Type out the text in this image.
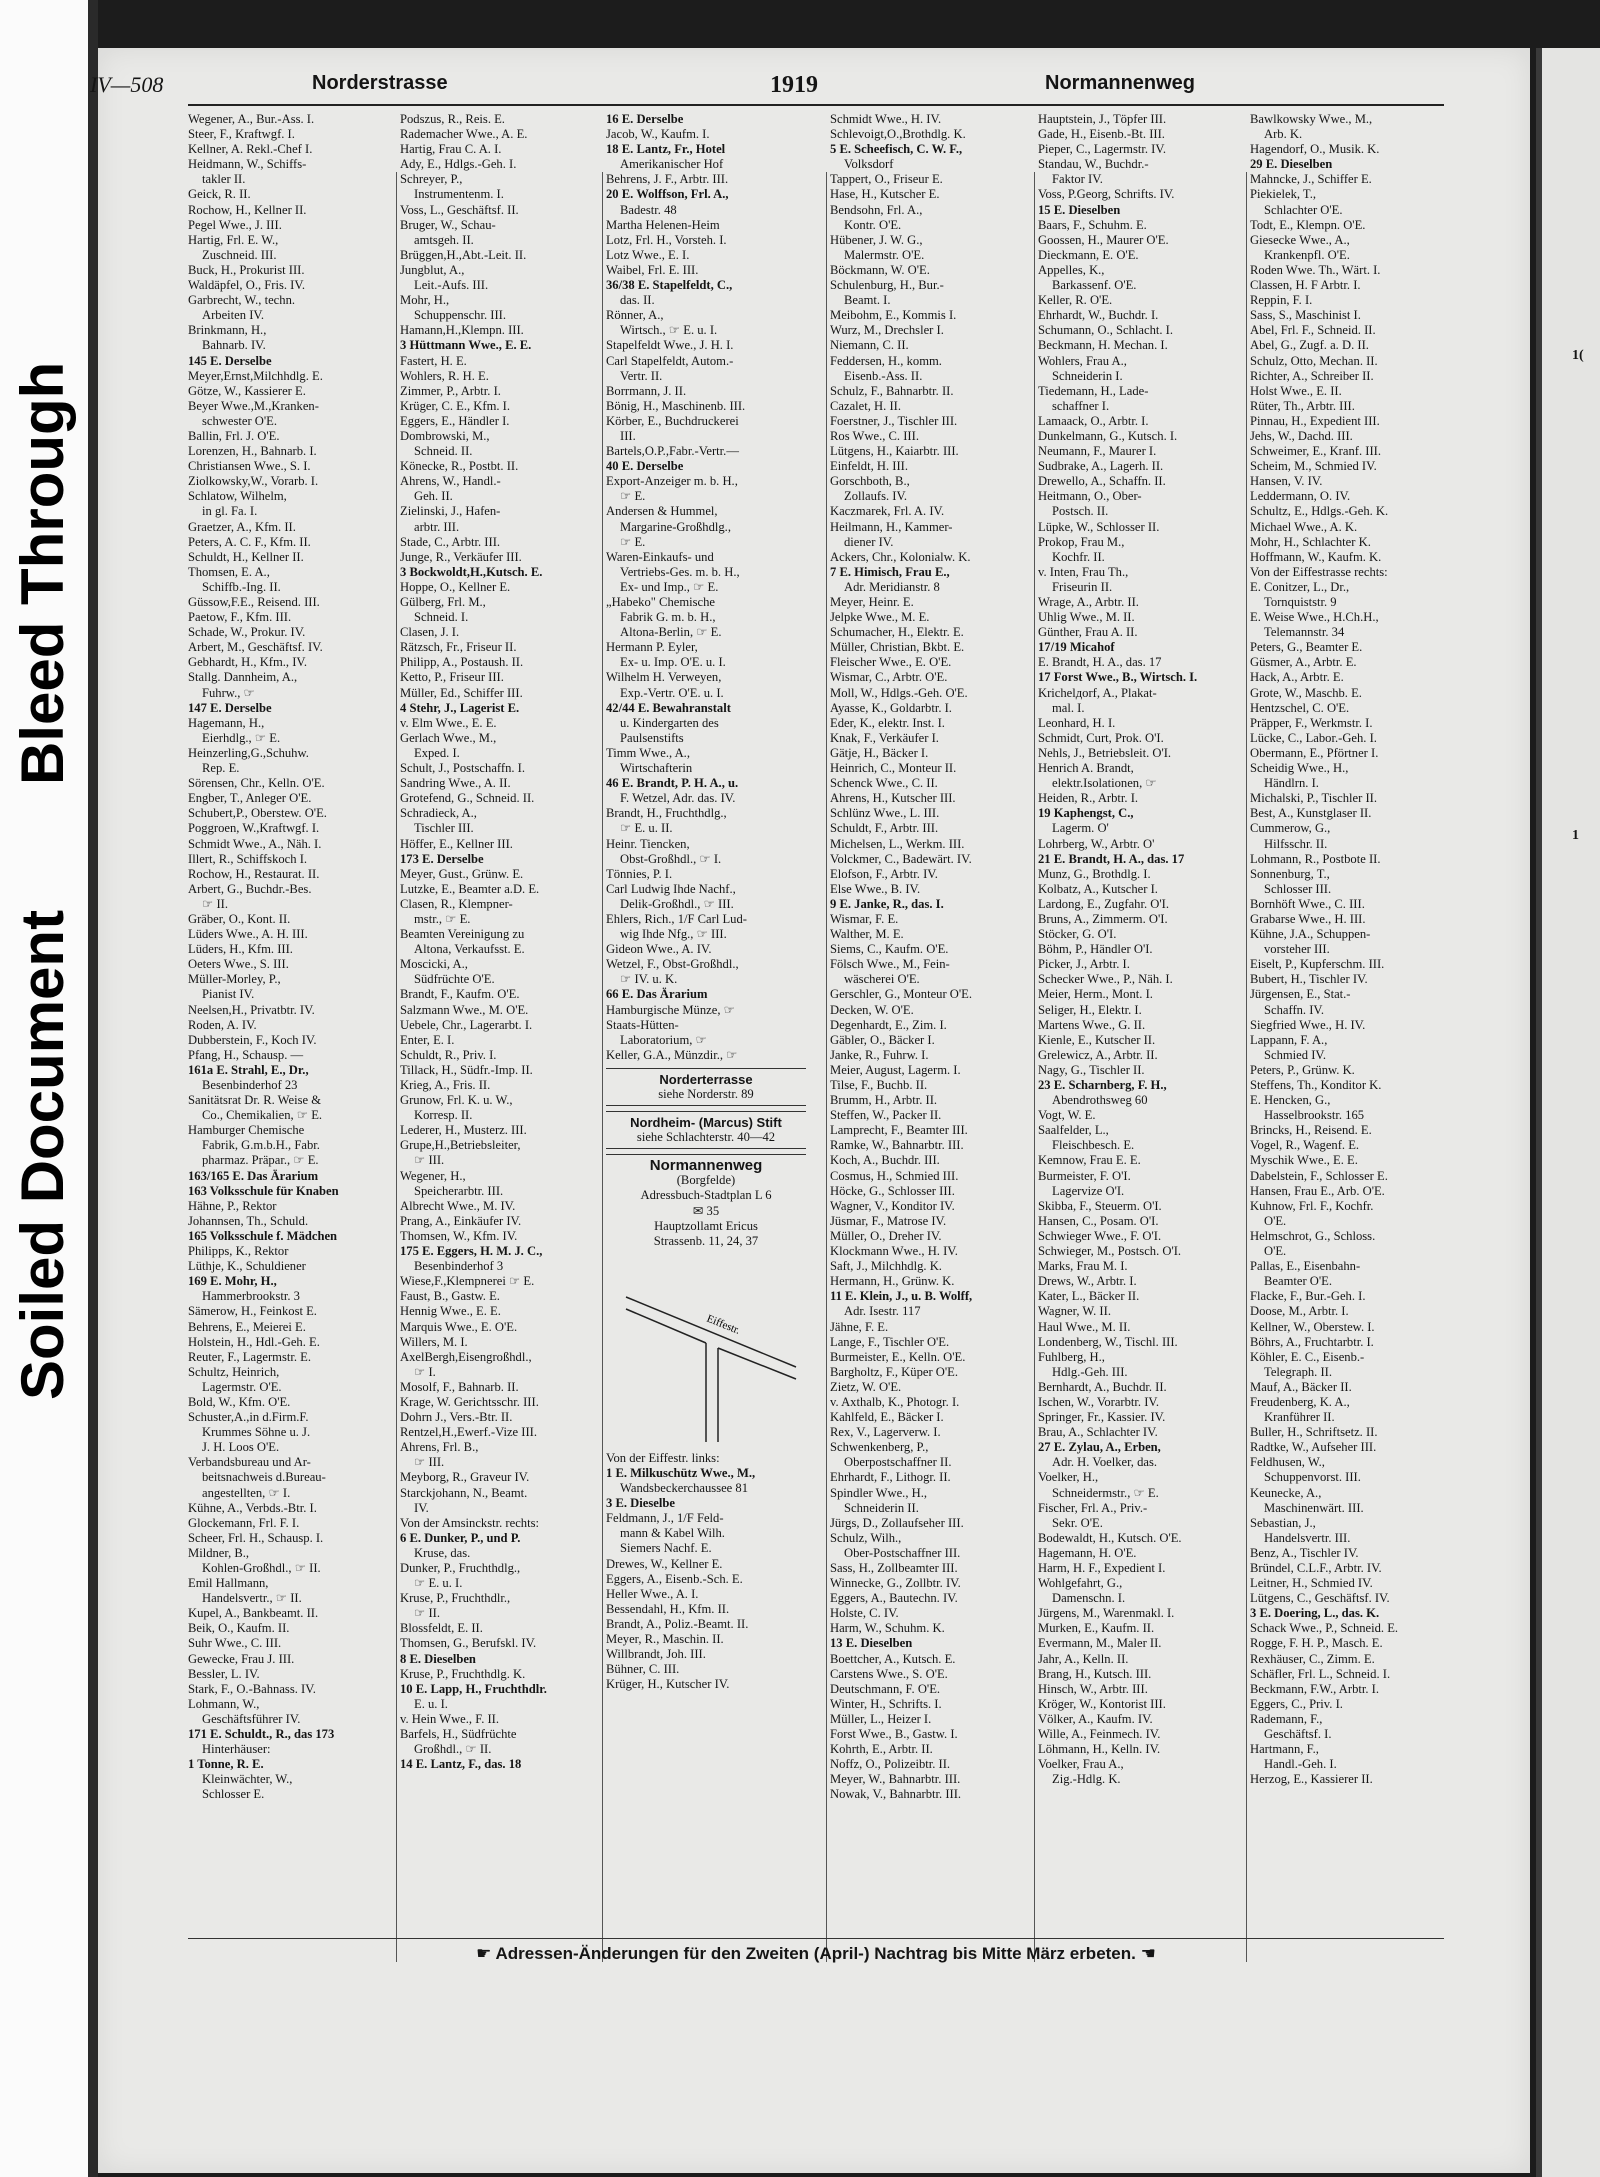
Bleed Through
Soiled Document
1(
1
IV—508	Norderstrasse	1919	Normannenweg
Wegener, A., Bur.-Ass. I.
Steer, F., Kraftwgf. I.
Kellner, A. Rekl.-Chef I.
Heidmann, W., Schiffs-
takler II.
Geick, R. II.
Rochow, H., Kellner II.
Pegel Wwe., J. III.
Hartig, Frl. E. W.,
Zuschneid. III.
Buck, H., Prokurist III.
Waldäpfel, O., Fris. IV.
Garbrecht, W., techn.
Arbeiten IV.
Brinkmann, H.,
Bahnarb. IV.
145 E. Derselbe
Meyer,Ernst,Milchhdlg. E.
Götze, W., Kassierer E.
Beyer Wwe.,M.,Kranken-
schwester O'E.
Ballin, Frl. J. O'E.
Lorenzen, H., Bahnarb. I.
Christiansen Wwe., S. I.
Ziolkowsky,W., Vorarb. I.
Schlatow, Wilhelm,
in gl. Fa. I.
Graetzer, A., Kfm. II.
Peters, A. C. F., Kfm. II.
Schuldt, H., Kellner II.
Thomsen, E. A.,
Schiffb.-Ing. II.
Güssow,F.E., Reisend. III.
Paetow, F., Kfm. III.
Schade, W., Prokur. IV.
Arbert, M., Geschäftsf. IV.
Gebhardt, H., Kfm., IV.
Stallg. Dannheim, A.,
Fuhrw., ☞
147 E. Derselbe
Hagemann, H.,
Eierhdlg., ☞ E.
Heinzerling,G.,Schuhw.
Rep. E.
Sörensen, Chr., Kelln. O'E.
Engber, T., Anleger O'E.
Schubert,P., Oberstew. O'E.
Poggroen, W.,Kraftwgf. I.
Schmidt Wwe., A., Näh. I.
Illert, R., Schiffskoch I.
Rochow, H., Restaurat. II.
Arbert, G., Buchdr.-Bes.
☞ II.
Gräber, O., Kont. II.
Lüders Wwe., A. H. III.
Lüders, H., Kfm. III.
Oeters Wwe., S. III.
Müller-Morley, P.,
Pianist IV.
Neelsen,H., Privatbtr. IV.
Roden, A. IV.
Dubberstein, F., Koch IV.
Pfang, H., Schausp. —
161a E. Strahl, E., Dr.,
Besenbinderhof 23
Sanitätsrat Dr. R. Weise &
Co., Chemikalien, ☞ E.
Hamburger Chemische
Fabrik, G.m.b.H., Fabr.
pharmaz. Präpar., ☞ E.
163/165 E. Das Ärarium
163 Volksschule für Knaben
Hähne, P., Rektor
Johannsen, Th., Schuld.
165 Volksschule f. Mädchen
Philipps, K., Rektor
Lüthje, K., Schuldiener
169 E. Mohr, H.,
Hammerbrookstr. 3
Sämerow, H., Feinkost E.
Behrens, E., Meierei E.
Holstein, H., Hdl.-Geh. E.
Reuter, F., Lagermstr. E.
Schultz, Heinrich,
Lagermstr. O'E.
Bold, W., Kfm. O'E.
Schuster,A.,in d.Firm.F.
Krummes Söhne u. J.
J. H. Loos O'E.
Verbandsbureau und Ar-
beitsnachweis d.Bureau-
angestellten, ☞ I.
Kühne, A., Verbds.-Btr. I.
Glockemann, Frl. F. I.
Scheer, Frl. H., Schausp. I.
Mildner, B.,
Kohlen-Großhdl., ☞ II.
Emil Hallmann,
Handelsvertr., ☞ II.
Kupel, A., Bankbeamt. II.
Beik, O., Kaufm. II.
Suhr Wwe., C. III.
Gewecke, Frau J. III.
Bessler, L. IV.
Stark, F., O.-Bahnass. IV.
Lohmann, W.,
Geschäftsführer IV.
171 E. Schuldt., R., das 173
Hinterhäuser:
1 Tonne, R. E.
Kleinwächter, W.,
Schlosser E.
Podszus, R., Reis. E.
Rademacher Wwe., A. E.
Hartig, Frau C. A. I.
Ady, E., Hdlgs.-Geh. I.
Schreyer, P.,
Instrumentenm. I.
Voss, L., Geschäftsf. II.
Bruger, W., Schau-
amtsgeh. II.
Brüggen,H.,Abt.-Leit. II.
Jungblut, A.,
Leit.-Aufs. III.
Mohr, H.,
Schuppenschr. III.
Hamann,H.,Klempn. III.
3 Hüttmann Wwe., E. E.
Fastert, H. E.
Wohlers, R. H. E.
Zimmer, P., Arbtr. I.
Krüger, C. E., Kfm. I.
Eggers, E., Händler I.
Dombrowski, M.,
Schneid. II.
Könecke, R., Postbt. II.
Ahrens, W., Handl.-
Geh. II.
Zielinski, J., Hafen-
arbtr. III.
Stade, C., Arbtr. III.
Junge, R., Verkäufer III.
3 Bockwoldt,H.,Kutsch. E.
Hoppe, O., Kellner E.
Gülberg, Frl. M.,
Schneid. I.
Clasen, J. I.
Rätzsch, Fr., Friseur II.
Philipp, A., Postaush. II.
Ketto, P., Friseur III.
Müller, Ed., Schiffer III.
4 Stehr, J., Lagerist E.
v. Elm Wwe., E. E.
Gerlach Wwe., M.,
Exped. I.
Schult, J., Postschaffn. I.
Sandring Wwe., A. II.
Grotefend, G., Schneid. II.
Schradieck, A.,
Tischler III.
Höffer, E., Kellner III.
173 E. Derselbe
Meyer, Gust., Grünw. E.
Lutzke, E., Beamter a.D. E.
Clasen, R., Klempner-
mstr., ☞ E.
Beamten Vereinigung zu
Altona, Verkaufsst. E.
Moscicki, A.,
Südfrüchte O'E.
Brandt, F., Kaufm. O'E.
Salzmann Wwe., M. O'E.
Uebele, Chr., Lagerarbt. I.
Enter, E. I.
Schuldt, R., Priv. I.
Tillack, H., Südfr.-Imp. II.
Krieg, A., Fris. II.
Grunow, Frl. K. u. W.,
Korresp. II.
Lederer, H., Musterz. III.
Grupe,H.,Betriebsleiter,
☞ III.
Wegener, H.,
Speicherarbtr. III.
Albrecht Wwe., M. IV.
Prang, A., Einkäufer IV.
Thomsen, W., Kfm. IV.
175 E. Eggers, H. M. J. C.,
Besenbinderhof 3
Wiese,F.,Klempnerei ☞ E.
Faust, B., Gastw. E.
Hennig Wwe., E. E.
Marquis Wwe., E. O'E.
Willers, M. I.
AxelBergh,Eisengroßhdl.,
☞ I.
Mosolf, F., Bahnarb. II.
Krage, W. Gerichtsschr. III.
Dohrn J., Vers.-Btr. II.
Rentzel,H.,Ewerf.-Vize III.
Ahrens, Frl. B.,
☞ III.
Meyborg, R., Graveur IV.
Starckjohann, N., Beamt.
IV.
Von der Amsinckstr. rechts:
6 E. Dunker, P., und P.
Kruse, das.
Dunker, P., Fruchthdlg.,
☞ E. u. I.
Kruse, P., Fruchthdlr.,
☞ II.
Blossfeldt, E. II.
Thomsen, G., Berufskl. IV.
8 E. Dieselben
Kruse, P., Fruchthdlg. K.
10 E. Lapp, H., Fruchthdlr.
E. u. I.
v. Hein Wwe., F. II.
Barfels, H., Südfrüchte
Großhdl., ☞ II.
14 E. Lantz, F., das. 18
16 E. Derselbe
Jacob, W., Kaufm. I.
18 E. Lantz, Fr., Hotel
Amerikanischer Hof
Behrens, J. F., Arbtr. III.
20 E. Wolffson, Frl. A.,
Badestr. 48
Martha Helenen-Heim
Lotz, Frl. H., Vorsteh. I.
Lotz Wwe., E. I.
Waibel, Frl. E. III.
36/38 E. Stapelfeldt, C.,
das. II.
Rönner, A.,
Wirtsch., ☞ E. u. I.
Stapelfeldt Wwe., J. H. I.
Carl Stapelfeldt, Autom.-
Vertr. II.
Borrmann, J. II.
Bönig, H., Maschinenb. III.
Körber, E., Buchdruckerei
III.
Bartels,O.P.,Fabr.-Vertr.—
40 E. Derselbe
Export-Anzeiger m. b. H.,
☞ E.
Andersen & Hummel,
Margarine-Großhdlg.,
☞ E.
Waren-Einkaufs- und
Vertriebs-Ges. m. b. H.,
Ex- und Imp., ☞ E.
„Habeko" Chemische
Fabrik G. m. b. H.,
Altona-Berlin, ☞ E.
Hermann P. Eyler,
Ex- u. Imp. O'E. u. I.
Wilhelm H. Verweyen,
Exp.-Vertr. O'E. u. I.
42/44 E. Bewahranstalt
u. Kindergarten des
Paulsenstifts
Timm Wwe., A.,
Wirtschafterin
46 E. Brandt, P. H. A., u.
F. Wetzel, Adr. das. IV.
Brandt, H., Fruchthdlg.,
☞ E. u. II.
Heinr. Tiencken,
Obst-Großhdl., ☞ I.
Tönnies, P. I.
Carl Ludwig Ihde Nachf.,
Delik-Großhdl., ☞ III.
Ehlers, Rich., 1/F Carl Lud-
wig Ihde Nfg., ☞ III.
Gideon Wwe., A. IV.
Wetzel, F., Obst-Großhdl.,
☞ IV. u. K.
66 E. Das Ärarium
Hamburgische Münze, ☞
Staats-Hütten-
Laboratorium, ☞
Keller, G.A., Münzdir., ☞
Norderterrasse
siehe Norderstr. 89
Nordheim- (Marcus) Stift
siehe Schlachterstr. 40—42
Normannenweg
(Borgfelde)
Adressbuch-Stadtplan L 6
✉ 35
Hauptzollamt Ericus
Strassenb. 11, 24, 37
Eiffestr.
Von der Eiffestr. links:
1 E. Milkuschütz Wwe., M.,
Wandsbeckerchaussee 81
3 E. Dieselbe
Feldmann, J., 1/F Feld-
mann & Kabel Wilh.
Siemers Nachf. E.
Drewes, W., Kellner E.
Eggers, A., Eisenb.-Sch. E.
Heller Wwe., A. I.
Bessendahl, H., Kfm. II.
Brandt, A., Poliz.-Beamt. II.
Meyer, R., Maschin. II.
Willbrandt, Joh. III.
Bühner, C. III.
Krüger, H., Kutscher IV.
Schmidt Wwe., H. IV.
Schlevoigt,O.,Brothdlg. K.
5 E. Scheefisch, C. W. F.,
Volksdorf
Tappert, O., Friseur E.
Hase, H., Kutscher E.
Bendsohn, Frl. A.,
Kontr. O'E.
Hübener, J. W. G.,
Malermstr. O'E.
Böckmann, W. O'E.
Schulenburg, H., Bur.-
Beamt. I.
Meibohm, E., Kommis I.
Wurz, M., Drechsler I.
Niemann, C. II.
Feddersen, H., komm.
Eisenb.-Ass. II.
Schulz, F., Bahnarbtr. II.
Cazalet, H. II.
Foerstner, J., Tischler III.
Ros Wwe., C. III.
Lütgens, H., Kaiarbtr. III.
Einfeldt, H. III.
Gorschboth, B.,
Zollaufs. IV.
Kaczmarek, Frl. A. IV.
Heilmann, H., Kammer-
diener IV.
Ackers, Chr., Kolonialw. K.
7 E. Himisch, Frau E.,
Adr. Meridianstr. 8
Meyer, Heinr. E.
Jelpke Wwe., M. E.
Schumacher, H., Elektr. E.
Müller, Christian, Bkbt. E.
Fleischer Wwe., E. O'E.
Wismar, C., Arbtr. O'E.
Moll, W., Hdlgs.-Geh. O'E.
Ayasse, K., Goldarbtr. I.
Eder, K., elektr. Inst. I.
Knak, F., Verkäufer I.
Gätje, H., Bäcker I.
Heinrich, C., Monteur II.
Schenck Wwe., C. II.
Ahrens, H., Kutscher III.
Schlünz Wwe., L. III.
Schuldt, F., Arbtr. III.
Michelsen, L., Werkm. III.
Volckmer, C., Badewärt. IV.
Elofson, F., Arbtr. IV.
Else Wwe., B. IV.
9 E. Janke, R., das. I.
Wismar, F. E.
Walther, M. E.
Siems, C., Kaufm. O'E.
Fölsch Wwe., M., Fein-
wäscherei O'E.
Gerschler, G., Monteur O'E.
Decken, W. O'E.
Degenhardt, E., Zim. I.
Gäbler, O., Bäcker I.
Janke, R., Fuhrw. I.
Meier, August, Lagerm. I.
Tilse, F., Buchb. II.
Brumm, H., Arbtr. II.
Steffen, W., Packer II.
Lamprecht, F., Beamter III.
Ramke, W., Bahnarbtr. III.
Koch, A., Buchdr. III.
Cosmus, H., Schmied III.
Höcke, G., Schlosser III.
Wagner, V., Konditor IV.
Jüsmar, F., Matrose IV.
Müller, O., Dreher IV.
Klockmann Wwe., H. IV.
Saft, J., Milchhdlg. K.
Hermann, H., Grünw. K.
11 E. Klein, J., u. B. Wolff,
Adr. Isestr. 117
Jähne, F. E.
Lange, F., Tischler O'E.
Burmeister, E., Kelln. O'E.
Bargholtz, F., Küper O'E.
Zietz, W. O'E.
v. Axthalb, K., Photogr. I.
Kahlfeld, E., Bäcker I.
Rex, V., Lagerverw. I.
Schwenkenberg, P.,
Oberpostschaffner II.
Ehrhardt, F., Lithogr. II.
Spindler Wwe., H.,
Schneiderin II.
Jürgs, D., Zollaufseher III.
Schulz, Wilh.,
Ober-Postschaffner III.
Sass, H., Zollbeamter III.
Winnecke, G., Zollbtr. IV.
Eggers, A., Bautechn. IV.
Holste, C. IV.
Harm, W., Schuhm. K.
13 E. Dieselben
Boettcher, A., Kutsch. E.
Carstens Wwe., S. O'E.
Deutschmann, F. O'E.
Winter, H., Schrifts. I.
Müller, L., Heizer I.
Forst Wwe., B., Gastw. I.
Kohrth, E., Arbtr. II.
Noffz, O., Polizeibtr. II.
Meyer, W., Bahnarbtr. III.
Nowak, V., Bahnarbtr. III.
Hauptstein, J., Töpfer III.
Gade, H., Eisenb.-Bt. III.
Pieper, C., Lagermstr. IV.
Standau, W., Buchdr.-
Faktor IV.
Voss, P.Georg, Schrifts. IV.
15 E. Dieselben
Baars, F., Schuhm. E.
Goossen, H., Maurer O'E.
Dieckmann, E. O'E.
Appelles, K.,
Barkassenf. O'E.
Keller, R. O'E.
Ehrhardt, W., Buchdr. I.
Schumann, O., Schlacht. I.
Beckmann, H. Mechan. I.
Wohlers, Frau A.,
Schneiderin I.
Tiedemann, H., Lade-
schaffner I.
Lamaack, O., Arbtr. I.
Dunkelmann, G., Kutsch. I.
Neumann, F., Maurer I.
Sudbrake, A., Lagerh. II.
Drewello, A., Schaffn. II.
Heitmann, O., Ober-
Postsch. II.
Lüpke, W., Schlosser II.
Prokop, Frau M.,
Kochfr. II.
v. Inten, Frau Th.,
Friseurin II.
Wrage, A., Arbtr. II.
Uhlig Wwe., M. II.
Günther, Frau A. II.
17/19 Micahof
E. Brandt, H. A., das. 17
17 Forst Wwe., B., Wirtsch. I.
Krichelдorf, A., Plakat-
mal. I.
Leonhard, H. I.
Schmidt, Curt, Prok. O'I.
Nehls, J., Betriebsleit. O'I.
Henrich A. Brandt,
elektr.Isolationen, ☞
Heiden, R., Arbtr. I.
19 Kaphengst, C.,
Lagerm. O'
Lohrberg, W., Arbtr. O'
21 E. Brandt, H. A., das. 17
Munz, G., Brothdlg. I.
Kolbatz, A., Kutscher I.
Lardong, E., Zugfahr. O'I.
Bruns, A., Zimmerm. O'I.
Stöcker, G. O'I.
Böhm, P., Händler O'I.
Picker, J., Arbtr. I.
Schecker Wwe., P., Näh. I.
Meier, Herm., Mont. I.
Seliger, H., Elektr. I.
Martens Wwe., G. II.
Kienle, E., Kutscher II.
Grelewicz, A., Arbtr. II.
Nagy, G., Tischler II.
23 E. Scharnberg, F. H.,
Abendrothsweg 60
Vogt, W. E.
Saalfelder, L.,
Fleischbesch. E.
Kemnow, Frau E. E.
Burmeister, F. O'I.
Lagervize O'I.
Skibba, F., Steuerm. O'I.
Hansen, C., Posam. O'I.
Schwieger Wwe., F. O'I.
Schwieger, M., Postsch. O'I.
Marks, Frau M. I.
Drews, W., Arbtr. I.
Kater, L., Bäcker II.
Wagner, W. II.
Haul Wwe., M. II.
Londenberg, W., Tischl. III.
Fuhlberg, H.,
Hdlg.-Geh. III.
Bernhardt, A., Buchdr. II.
Ischen, W., Vorarbtr. IV.
Springer, Fr., Kassier. IV.
Brau, A., Schlachter IV.
27 E. Zylau, A., Erben,
Adr. H. Voelker, das.
Voelker, H.,
Schneidermstr., ☞ E.
Fischer, Frl. A., Priv.-
Sekr. O'E.
Bodewaldt, H., Kutsch. O'E.
Hagemann, H. O'E.
Harm, H. F., Expedient I.
Wohlgefahrt, G.,
Damenschn. I.
Jürgens, M., Warenmakl. I.
Murken, E., Kaufm. II.
Evermann, M., Maler II.
Jahr, A., Kelln. II.
Brang, H., Kutsch. III.
Hinsch, W., Arbtr. III.
Kröger, W., Kontorist III.
Völker, A., Kaufm. IV.
Wille, A., Feinmech. IV.
Löhmann, H., Kelln. IV.
Voelker, Frau A.,
Zig.-Hdlg. K.
Bawlkowsky Wwe., M.,
Arb. K.
Hagendorf, O., Musik. K.
29 E. Dieselben
Mahncke, J., Schiffer E.
Piekielek, T.,
Schlachter O'E.
Todt, E., Klempn. O'E.
Giesecke Wwe., A.,
Krankenpfl. O'E.
Roden Wwe. Th., Wärt. I.
Classen, H. F Arbtr. I.
Reppin, F. I.
Sass, S., Maschinist I.
Abel, Frl. F., Schneid. II.
Abel, G., Zugf. a. D. II.
Schulz, Otto, Mechan. II.
Richter, A., Schreiber II.
Holst Wwe., E. II.
Rüter, Th., Arbtr. III.
Pinnau, H., Expedient III.
Jehs, W., Dachd. III.
Schweimer, E., Kranf. III.
Scheim, M., Schmied IV.
Hansen, V. IV.
Leddermann, O. IV.
Schultz, E., Hdlgs.-Geh. K.
Michael Wwe., A. K.
Mohr, H., Schlachter K.
Hoffmann, W., Kaufm. K.
Von der Eiffestrasse rechts:
E. Conitzer, L., Dr.,
Tornquiststr. 9
E. Weise Wwe., H.Ch.H.,
Telemannstr. 34
Peters, G., Beamter E.
Güsmer, A., Arbtr. E.
Hack, A., Arbtr. E.
Grote, W., Maschb. E.
Hentzschel, C. O'E.
Präpper, F., Werkmstr. I.
Lücke, C., Labor.-Geh. I.
Obermann, E., Pförtner I.
Scheidig Wwe., H.,
Händlrn. I.
Michalski, P., Tischler II.
Best, A., Kunstglaser II.
Cummerow, G.,
Hilfsschr. II.
Lohmann, R., Postbote II.
Sonnenburg, T.,
Schlosser III.
Bornhöft Wwe., C. III.
Grabarse Wwe., H. III.
Kühne, J.A., Schuppen-
vorsteher III.
Eiselt, P., Kupferschm. III.
Bubert, H., Tischler IV.
Jürgensen, E., Stat.-
Schaffn. IV.
Siegfried Wwe., H. IV.
Lappann, F. A.,
Schmied IV.
Peters, P., Grünw. K.
Steffens, Th., Konditor K.
E. Hencken, G.,
Hasselbrookstr. 165
Brincks, H., Reisend. E.
Vogel, R., Wagenf. E.
Myschik Wwe., E. E.
Dabelstein, F., Schlosser E.
Hansen, Frau E., Arb. O'E.
Kuhnow, Frl. F., Kochfr.
O'E.
Helmschrot, G., Schloss.
O'E.
Pallas, E., Eisenbahn-
Beamter O'E.
Flacke, F., Bur.-Geh. I.
Doose, M., Arbtr. I.
Kellner, W., Oberstew. I.
Böhrs, A., Fruchtarbtr. I.
Köhler, E. C., Eisenb.-
Telegraph. II.
Mauf, A., Bäcker II.
Freudenberg, K. A.,
Kranführer II.
Buller, H., Schriftsetz. II.
Radtke, W., Aufseher III.
Feldhusen, W.,
Schuppenvorst. III.
Keunecke, A.,
Maschinenwärt. III.
Sebastian, J.,
Handelsvertr. III.
Benz, A., Tischler IV.
Bründel, C.L.F., Arbtr. IV.
Leitner, H., Schmied IV.
Lütgens, C., Geschäftsf. IV.
3 E. Doering, L., das. K.
Schack Wwe., P., Schneid. E.
Rogge, F. H. P., Masch. E.
Rexhäuser, C., Zimm. E.
Schäfler, Frl. L., Schneid. I.
Beckmann, F.W., Arbtr. I.
Eggers, C., Priv. I.
Rademann, F.,
Geschäftsf. I.
Hartmann, F.,
Handl.-Geh. I.
Herzog, E., Kassierer II.
☛ Adressen-Änderungen für den Zweiten (April-) Nachtrag bis Mitte März erbeten. ☚
